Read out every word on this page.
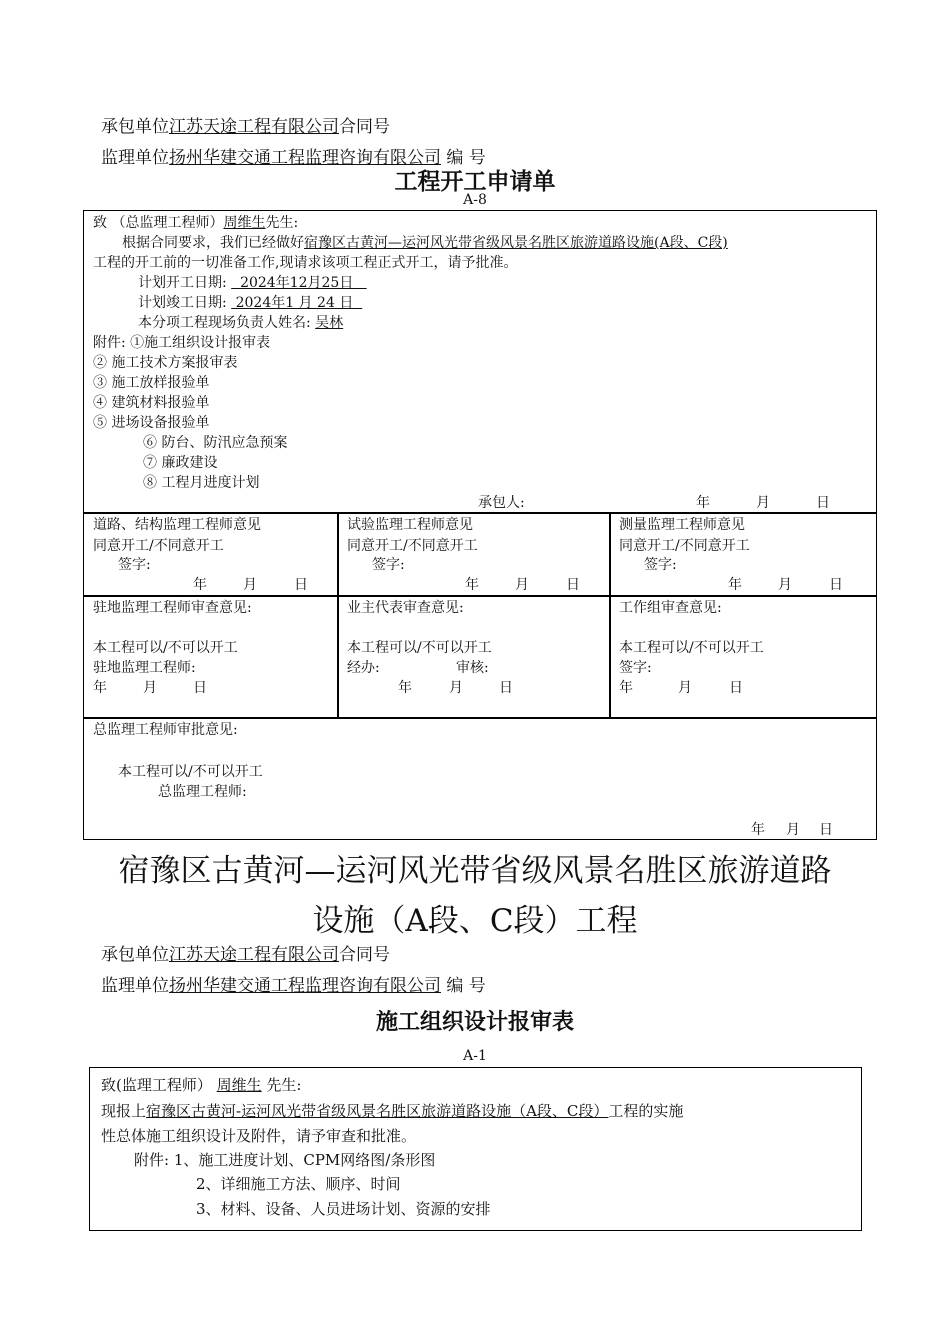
承包单位江苏天途工程有限公司合同号
监理单位扬州华建交通工程监理咨询有限公司 编 号
工程开工申请单
A-8
致 （总监理工程师）周维生先生:
根据合同要求，我们已经做好宿豫区古黄河—运河风光带省级风景名胜区旅游道路设施(A段、C段)
工程的开工前的一切准备工作,现请求该项工程正式开工，请予批准。
计划开工日期:   2024年12月25日
计划竣工日期:  2024年1 月 24 日
本分项工程现场负责人姓名: 吴林
附件: ①施工组织设计报审表
② 施工技术方案报审表
③ 施工放样报验单
④ 建筑材料报验单
⑤ 进场设备报验单
⑥ 防台、防汛应急预案
⑦ 廉政建设
⑧ 工程月进度计划
承包人:	年	月	日
道路、结构监理工程师意见
同意开工/不同意开工
签字:
年	月	日
试验监理工程师意见
同意开工/不同意开工
签字:
年	月	日
测量监理工程师意见
同意开工/不同意开工
签字:
年	月	日
驻地监理工程师审查意见:
本工程可以/不可以开工
驻地监理工程师:
年	月	日
业主代表审查意见:
本工程可以/不可以开工
经办:	审核:
年	月	日
工作组审查意见:
本工程可以/不可以开工
签字:
年	月	日
总监理工程师审批意见:
本工程可以/不可以开工
总监理工程师:
年 月 日
宿豫区古黄河—运河风光带省级风景名胜区旅游道路
设施（A段、C段）工程
承包单位江苏天途工程有限公司合同号
监理单位扬州华建交通工程监理咨询有限公司 编 号
施工组织设计报审表
A-1
致(监理工程师） 周维生 先生:
现报上宿豫区古黄河-运河风光带省级风景名胜区旅游道路设施（A段、C段）工程的实施
性总体施工组织设计及附件，请予审查和批准。
附件: 1、施工进度计划、CPM网络图/条形图
2、详细施工方法、顺序、时间
3、材料、设备、人员进场计划、资源的安排
